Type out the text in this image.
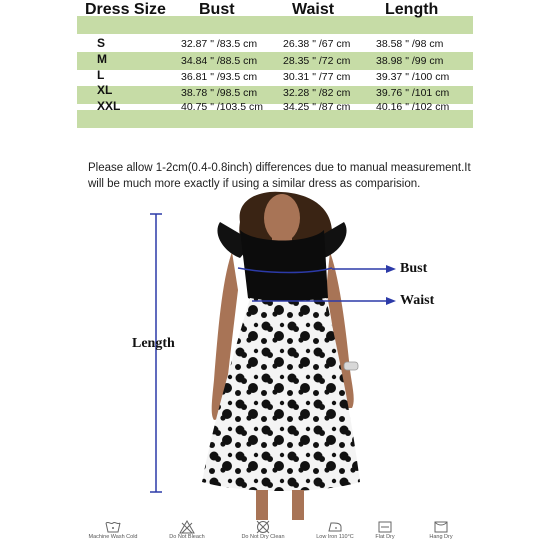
Dress Size Bust	Waist	Length
S	32.87 " /83.5 cm 26.38 " /67 cm 38.58 " /98 cm
M	34.84 " /88.5 cm 28.35 " /72 cm 38.98 " /99 cm
L	36.81 " /93.5 cm 30.31 " /77 cm 39.37 " /100 cm
XL	38.78 " /98.5 cm 32.28 " /82 cm 39.76 " /101 cm
XXL	40.75 " /103.5 cm 34.25 " /87 cm 40.16 " /102 cm
Please allow 1-2cm(0.4-0.8inch) differences due to manual measurement.It will be much more exactly if using a similar dress as comparision.
Length
Bust
Waist
Machine Wash Cold	Do Not Bleach	Do Not Dry Clean	Low Iron 110°C	Flat Dry	Hang Dry
